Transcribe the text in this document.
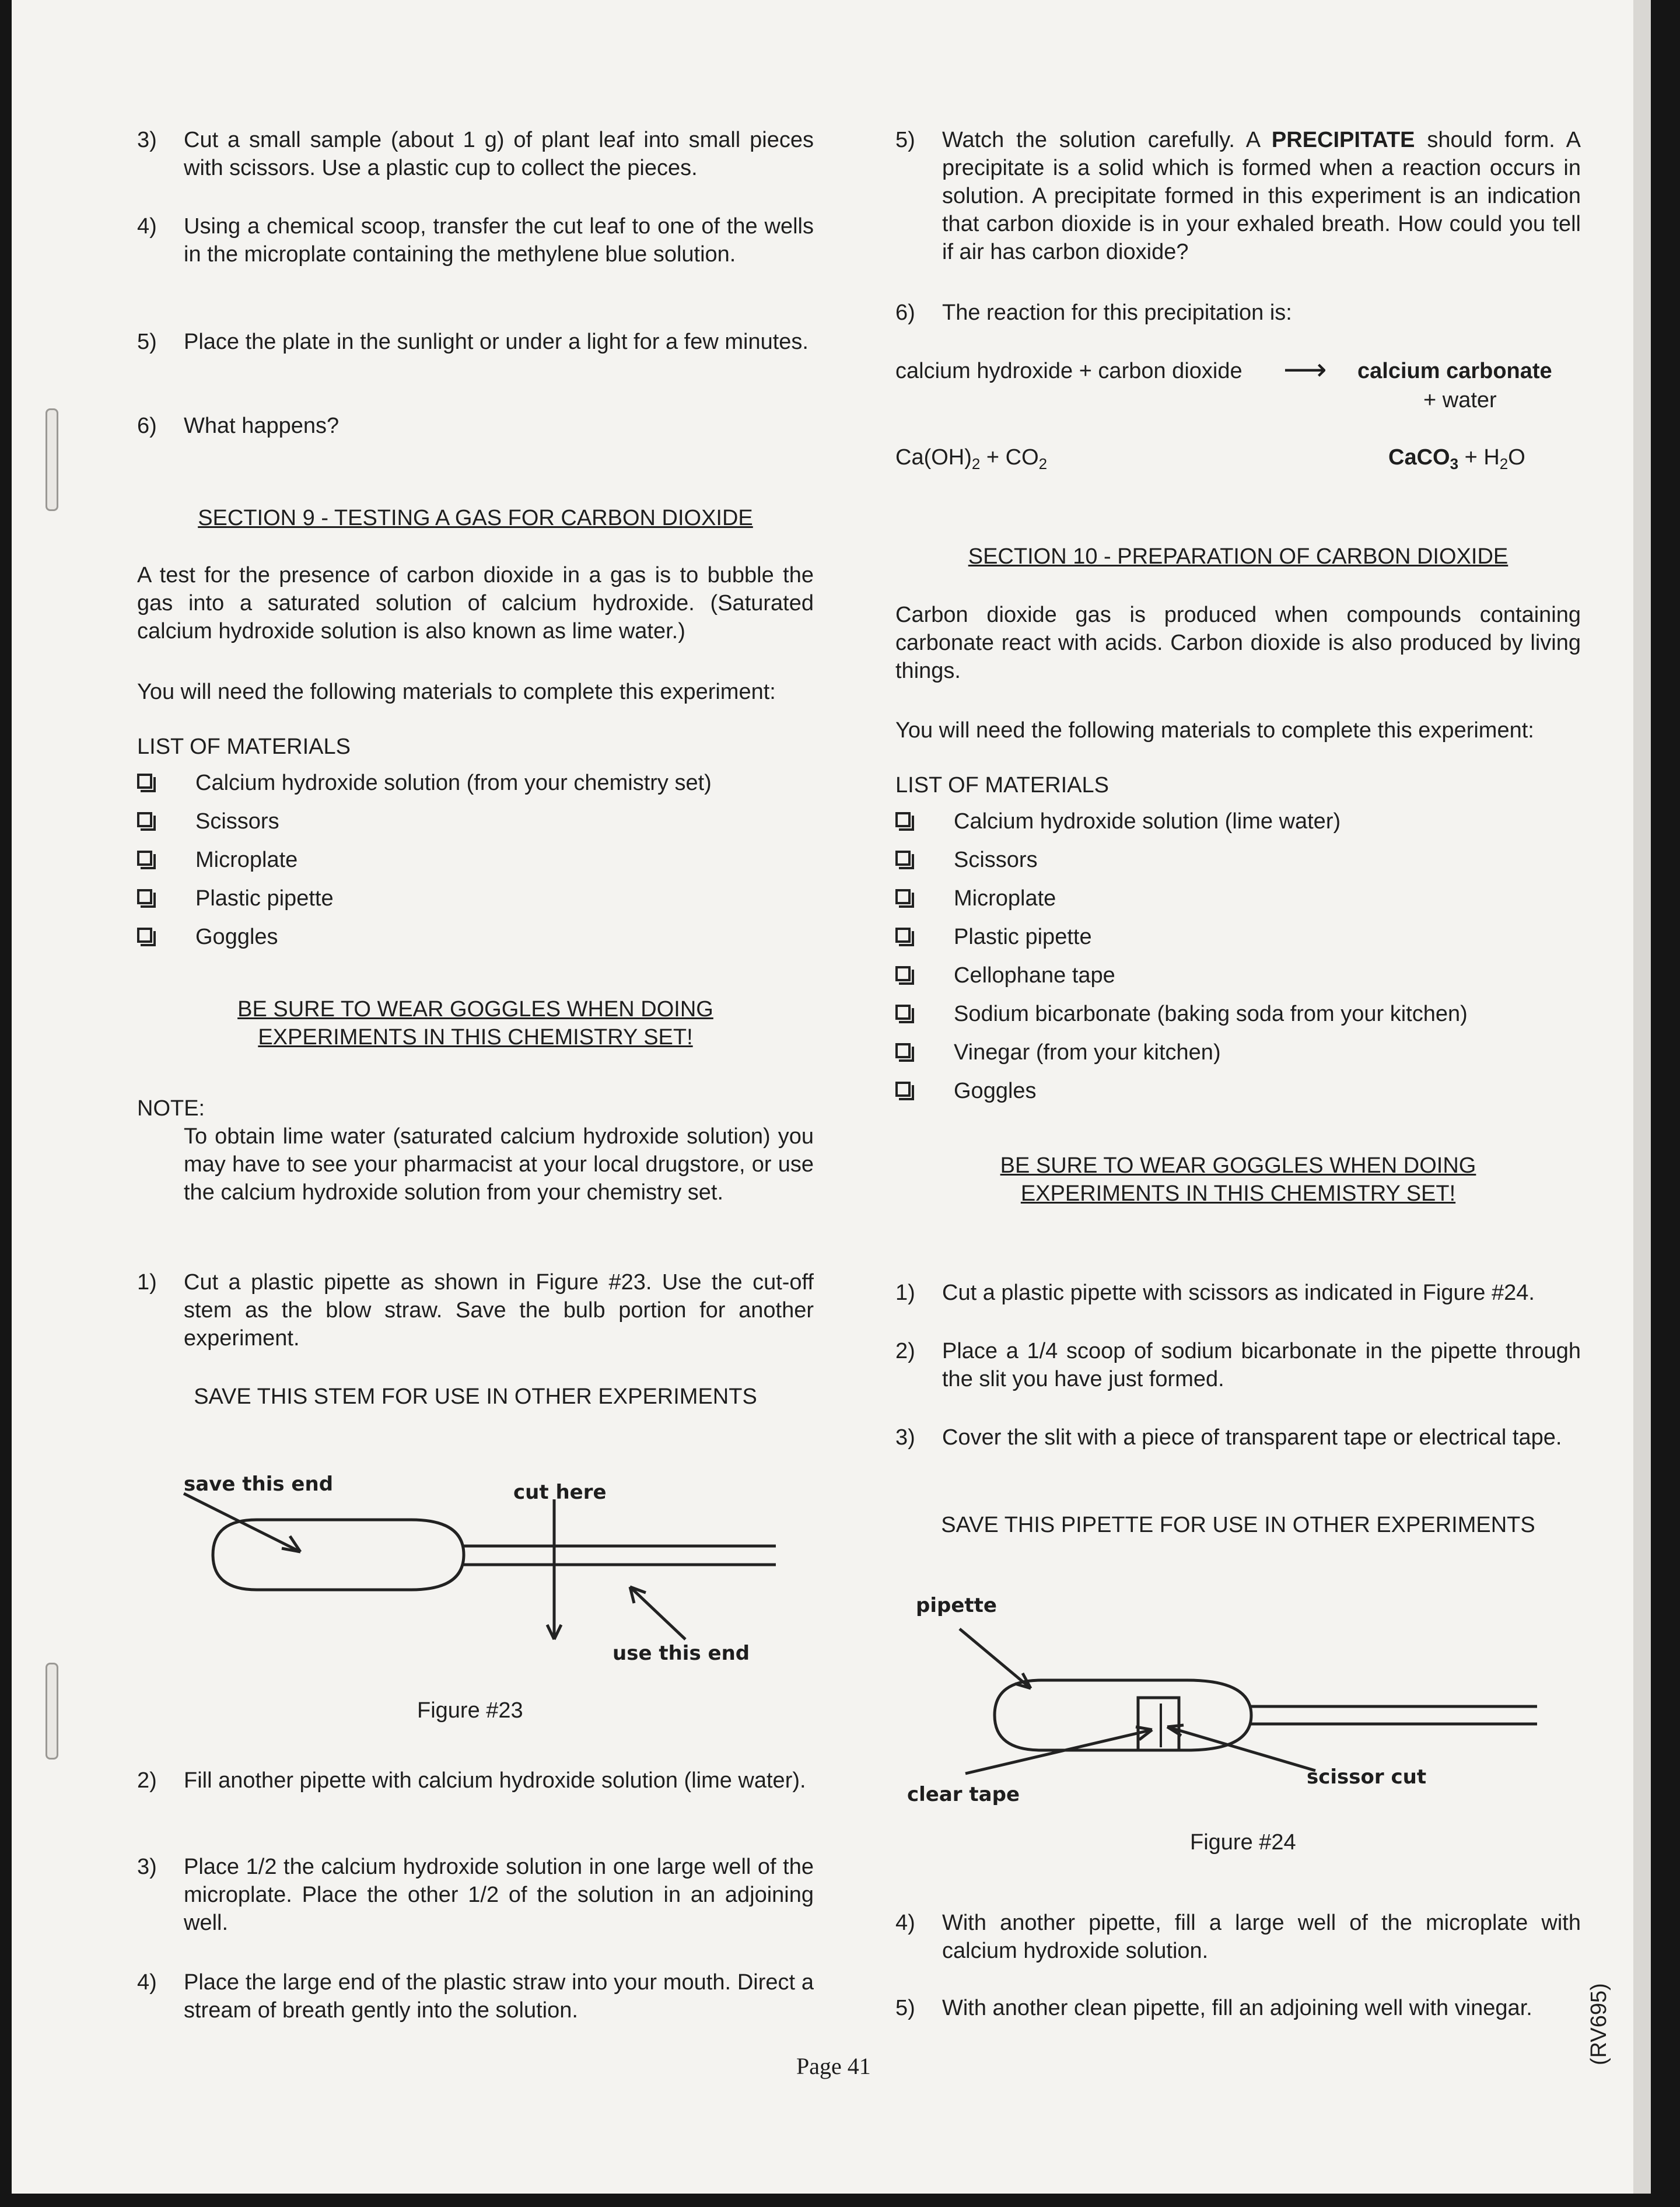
3) Cut a small sample (about 1 g) of plant leaf into small pieces with scissors. Use a plastic cup to collect the pieces.

4) Using a chemical scoop, transfer the cut leaf to one of the wells in the microplate containing the methylene blue solution.

5) Place the plate in the sunlight or under a light for a few minutes.

6) What happens?

SECTION 9 - TESTING A GAS FOR CARBON DIOXIDE

A test for the presence of carbon dioxide in a gas is to bubble the gas into a saturated solution of calcium hydroxide. (Saturated calcium hydroxide solution is also known as lime water.)

You will need the following materials to complete this experiment:

LIST OF MATERIALS

Calcium hydroxide solution (from your chemistry set)
Scissors
Microplate
Plastic pipette
Goggles
BE SURE TO WEAR GOGGLES WHEN DOING
EXPERIMENTS IN THIS CHEMISTRY SET!

NOTE:

To obtain lime water (saturated calcium hydroxide solution) you may have to see your pharmacist at your local drugstore, or use the calcium hydroxide solution from your chemistry set.

1) Cut a plastic pipette as shown in Figure #23. Use the cut-off stem as the blow straw. Save the bulb portion for another experiment.

SAVE THIS STEM FOR USE IN OTHER EXPERIMENTS
save this end	cut here
use this end
Figure #23
2) Fill another pipette with calcium hydroxide solution (lime water).

3) Place 1/2 the calcium hydroxide solution in one large well of the microplate. Place the other 1/2 of the solution in an adjoining well.

4) Place the large end of the plastic straw into your mouth. Direct a stream of breath gently into the solution.

5) Watch the solution carefully. A PRECIPITATE should form. A precipitate is a solid which is formed when a reaction occurs in solution. A precipitate formed in this experiment is an indication that carbon dioxide is in your exhaled breath. How could you tell if air has carbon dioxide?

6) The reaction for this precipitation is:

calcium hydroxide + carbon dioxide ⟶ calcium carbonate
+ water
$Ca(OH)_2 + CO_2$	CaCO$_3$ + $H_2O$
SECTION 10 - PREPARATION OF CARBON DIOXIDE

Carbon dioxide gas is produced when compounds containing carbonate react with acids. Carbon dioxide is also produced by living things.

You will need the following materials to complete this experiment:

LIST OF MATERIALS

Calcium hydroxide solution (lime water)
Scissors
Microplate
Plastic pipette
Cellophane tape
Sodium bicarbonate (baking soda from your kitchen)
Vinegar (from your kitchen)
Goggles
BE SURE TO WEAR GOGGLES WHEN DOING
EXPERIMENTS IN THIS CHEMISTRY SET!
1) Cut a plastic pipette with scissors as indicated in Figure #24.

2) Place a 1/4 scoop of sodium bicarbonate in the pipette through the slit you have just formed.

3) Cover the slit with a piece of transparent tape or electrical tape.

SAVE THIS PIPETTE FOR USE IN OTHER EXPERIMENTS
pipette
clear tape
scissor cut
Figure #24
4) With another pipette, fill a large well of the microplate with calcium hydroxide solution.

5) With another clean pipette, fill an adjoining well with vinegar.

Page 41
(RV695)
